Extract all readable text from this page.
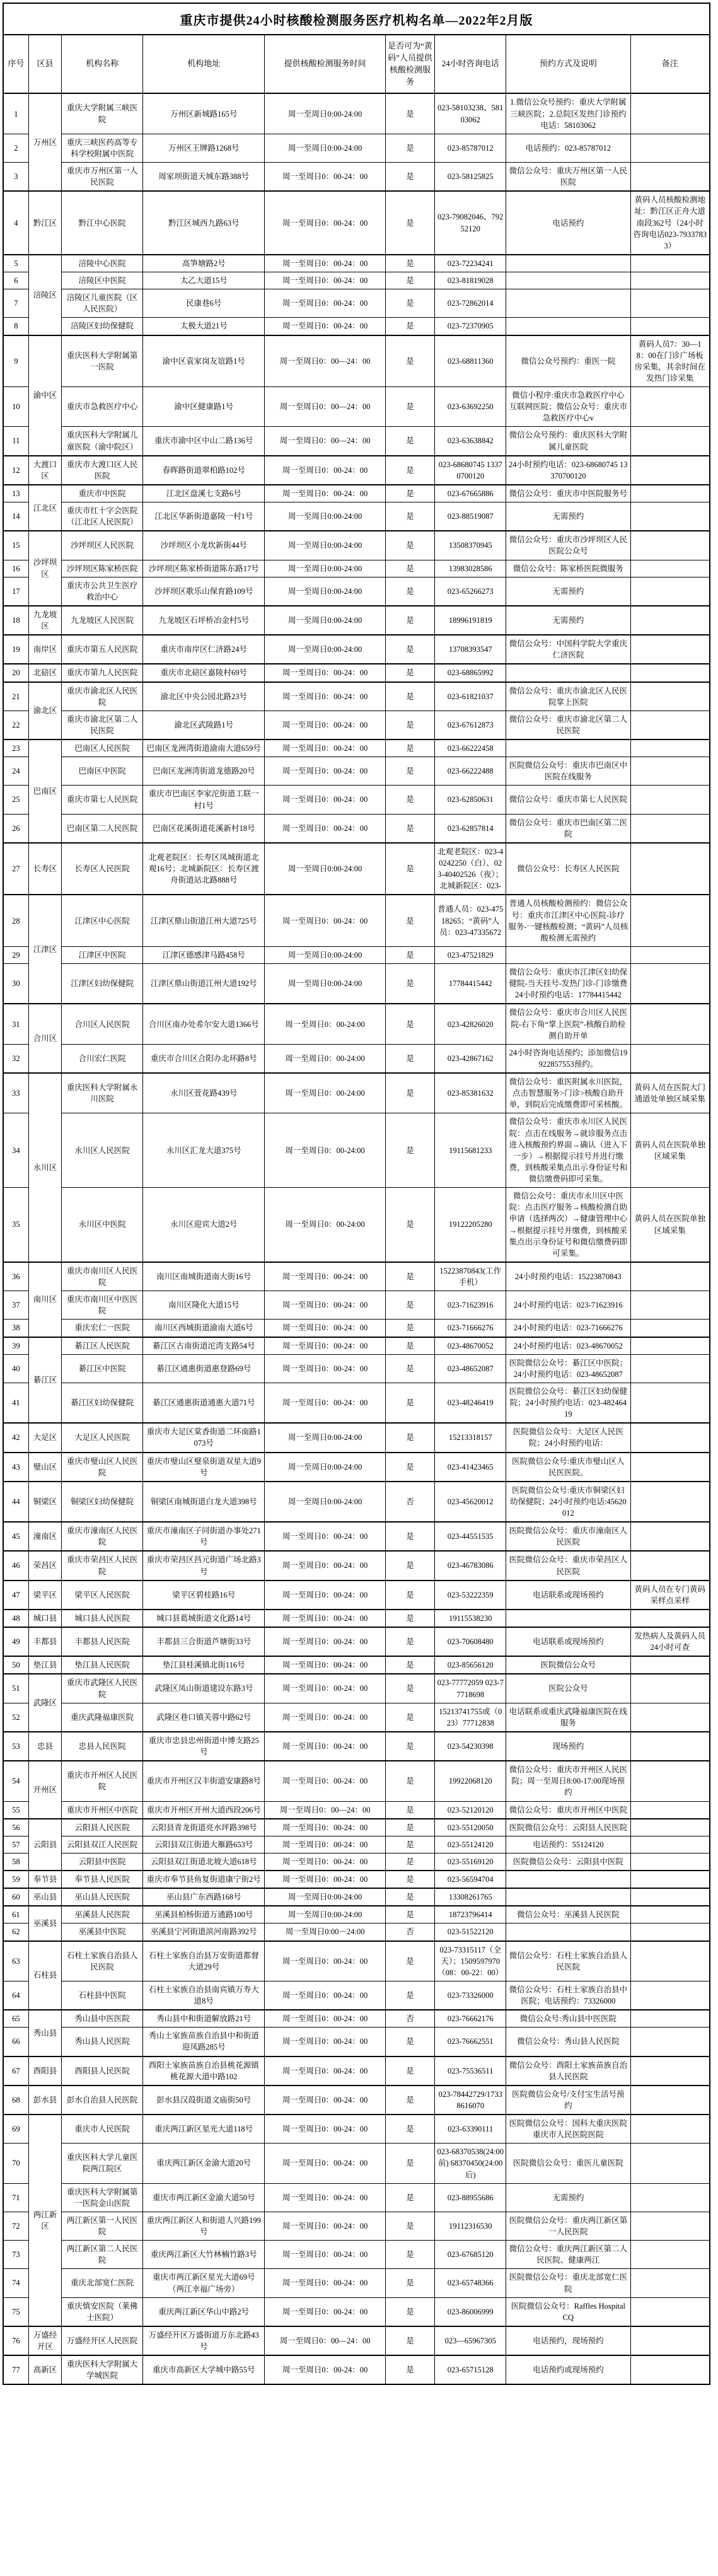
重庆市提供24小时核酸检测服务医疗机构名单—2022年2月版
序号	区县	机构名称	机构地址	提供核酸检测服务时间	是否可为“黄码”人员提供核酸检测服务	24小时咨询电话	预约方式及说明	备注
1	万州区	重庆大学附属三峡医院	万州区新城路165号	周一至周日0:00-24:00	是	023-58103238、58103062	1.微信公众号预约：重庆大学附属三峡医院；2.总院区发热门诊预约电话：58103062	
2		重庆三峡医药高等专科学校附属中医院	万州区王牌路1268号	周一至周日0:00-24:00	是	023-85787012	电话预约：023-85787012	
3		重庆市万州区第一人民医院	周家坝街道天城东路388号	周一至周日0：00-24：00	是	023-58125825	微信公众号：重庆万州区第一人民医院	
4	黔江区	黔江中心医院	黔江区城西九路63号	周一至周日0：00-24：00	是	023-79082046、79252120	电话预约	黄码人员核酸检测地址：黔江区正舟大道南段362号（24小时咨询电话023-79337833）
5	涪陵区	涪陵中心医院	高笋塘路2号	周一至周日0：00-24：00	是	023-72234241		
6		涪陵区中医院	太乙大道15号	周一至周日0：00-24：00	是	023-81819028		
7		涪陵区儿童医院（区人民医院）	民康巷6号	周一至周日0：00-24：00	是	023-72862014		
8		涪陵区妇幼保健院	太极大道21号	周一至周日0：00-24：00	是	023-72370905		
9	渝中区	重庆医科大学附属第一医院	渝中区袁家岗友谊路1号	周一至周日0：00—24：00	是	023-68811360	微信公众号预约：重医一院	黄码人员7：30—18：00在门诊广场板房采集，其余时间在发热门诊采集
10		重庆市急救医疗中心	渝中区健康路1号	周一至周日0：00—24：00	是	023-63692250	微信小程序:重庆市急救医疗中心互联网医院；微信公众号：重庆市急救医疗中心v	
11		重庆医科大学附属儿童医院（渝中院区）	重庆市渝中区中山二路136号	周一至周日0：00—24：00	是	023-63638842	微信公众号预约：重庆医科大学附属儿童医院	
12	大渡口区	重庆市大渡口区人民医院	春晖路街道翠柏路102号	周一至周日0：00-24：00	是	023-68680745 13370700120	24小时预约电话：023-68680745 13370700120	
13	江北区	重庆市中医院	江北区盘溪七支路6号	周一至周日0：00-24：00	是	023-67665886	微信公众号：重庆市中医院服务号	
14		重庆市红十字会医院（江北区人民医院）	江北区华新街道嘉陵一村1号	周一至周日0:00-24:00	是	023-88519087	无需预约	
15	沙坪坝区	沙坪坝区人民医院	沙坪坝区小龙坎新街44号	周一至周日0:00-24:00	是	13508370945	微信公众号：重庆市沙坪坝区人民医院公众号	
16		沙坪坝区陈家桥医院	沙坪坝区陈家桥街道陈东路17号	周一至周日0:00-24:00	是	13983028586	微信公众号：陈家桥医院微服务	
17		重庆市公共卫生医疗救治中心	沙坪坝区歌乐山保育路109号	周一至周日0:00-24:00	是	023-65266273	无需预约	
18	九龙坡区	九龙坡区人民医院	九龙坡区石坪桥冶金村5号	周一至周日0:00-24:00	是	18996191819	无需预约	
19	南岸区	重庆市第五人民医院	重庆市南岸区仁济路24号	周一至周日0:00-24:00	是	13708393547	微信公众号：中国科学院大学重庆仁济医院	
20	北碚区	重庆市第九人民医院	重庆市北碚区嘉陵村69号	周一至周日0：00-24：00	是	023-68865992		
21	渝北区	重庆市渝北区人民医院	渝北区中央公园北路23号	周一至周日0：00-24：00	是	023-61821037	微信公众号：重庆市渝北区人民医院掌上医院	
22		重庆市渝北区第二人民医院	渝北区武陵路1号	周一至周日0：00-24：00	是	023-67612873	微信公众号：重庆市渝北区第二人民医院	
23	巴南区	巴南区人民医院	巴南区龙洲湾街道渝南大道659号	周一至周日0：00-24：00	是	023-66222458		
24		巴南区中医院	巴南区龙洲湾街道龙德路20号	周一至周日0：00-24：00	是	023-66222488	医院微信公众号：重庆市巴南区中医院在线服务	
25		重庆市第七人民医院	重庆市巴南区李家沱街道工联一村1号	周一至周日0：00-24：00	是	023-62850631	微信公众号：重庆市第七人民医院	
26		巴南区第二人民医院	巴南区花溪街道花溪新村18号	周一至周日0：00-24：00	是	023-62857814	微信公众号：重庆市巴南区第二医院	
27	长寿区	长寿区人民医院	北观老院区：长寿区凤城街道北观16号；北城新院区：长寿区渡舟街道站北路888号	周一至周日0:00-24:00	是	北观老院区：023-40242250（白）、023-40402526（夜）；北城新院区：023-	微信公众号：长寿区人民医院	
28	江津区	江津区中心医院	江津区鼎山街道江州大道725号	周一至周日0：00-24：00	是	普通人员：023-47518265；“黄码”人员：023-47335672	普通人员核酸检测预约：微信公众号：重庆市江津区中心医院-诊疗服务-一键核酸检测；“黄码”人员核酸检测无需预约	
29		江津区中医院	江津区德感津马路458号	周一至周日0:00-24:00	是	023-47521829		
30		江津区妇幼保健院	江津区鼎山街道江州大道192号	周一至周日0:00-24:00	是	17784415442	微信公众号：重庆市江津区妇幼保健院-当天挂号-发热门诊-门诊缴费 24小时预约电话：17784415442	
31	合川区	合川区人民医院	合川区南办处希尔安大道1366号	周一至周日0：00-24:00	是	023-42826020	微信公众号：重庆市合川区人民医院-右下角“掌上医院”-核酸自助检测自助开单	
32		合川宏仁医院	重庆市合川区合阳办北环路8号	周一至周日0：00-24:00	是	023-42867162	24小时咨询电话预约；添加微信19922857553预约。	
33	永川区	重庆医科大学附属永川医院	永川区萱花路439号	周一至周日0：00-24:00	是	023-85381632	微信公众号：重医附属永川医院，点击智慧服务>门诊>核酸自助开单，到院后完成缴费即可采核酸。	黄码人员在医院大门通道处单独区域采集
34		永川区人民医院	永川区汇龙大道375号	周一至周日0：00-24:00	是	19115681233	微信公众号：重庆市永川区人民医院：点击在线服务→就诊服务点击进入核酸预约界面→确认（进入下一步）→根据提示挂号并进行缴费，到核酸采集点出示身份证号和微信缴费码即可采集。	黄码人员在医院单独区域采集
35		永川区中医院	永川区迎宾大道2号	周一至周日0：00-24:00	是	19122205280	微信公众号：重庆市永川区中医院：点击医疗服务→核酸检测自助申请（选择两次）→健康管理中心→根据提示挂号并缴费，到核酸采集点出示身份证号和微信缴费码即可采集。	黄码人员在医院单独区域采集
36	南川区	重庆市南川区人民医院	南川区南城街道南大街16号	周一至周日0：00-24：00	是	15223870843(工作手机）	24小时预约电话：15223870843	
37		重庆市南川区中医医院	南川区隆化大道15号	周一至周日0：00-24：00	是	023-71623916	24小时预约电话：023-71623916	
38		重庆宏仁一医院	南川区西城街道渝南大道6号	周一至周日0：00-24：00	是	023-71666276	24小时预约电话：023-71666276	
39	綦江区	綦江区人民医院	綦江区古南街道沱湾支路54号	周一至周日0：00-24：00	是	023-48670052	24小时预约电话：023-48670052	
40		綦江区中医院	綦江区通惠街道惠登路69号	周一至周日0：00-24：00	是	023-48652087	医院微信公众号：綦江区中医院；24小时预约电话：023-48652087	
41		綦江区妇幼保健院	綦江区通惠街道通惠大道71号	周一至周日0：00-24：00	是	023-48246419	医院微信公众号：綦江区妇幼保健院；24小时预约电话：023-48246419	
42	大足区	大足区人民医院	重庆市大足区棠香街道二环南路1073号	周一至周日0:00-24:00	是	15213318157	医院微信公众号：大足区人民医院；24小时预约电话：	
43	璧山区	重庆市璧山区人民医院	重庆市璧山区璧泉街道双星大道9号	周一至周日0:00-24:00	是	023-41423465	医院微信公众号:重庆市璧山区人民医医院。	
44	铜梁区	铜梁区妇幼保健院	铜梁区南城街道白龙大道398号	周一至周日0:00-24:00	否	023-45620012	医院微信公众号:重庆市铜梁区妇幼保健院；24小时预约电话:45620012	
45	潼南区	重庆市潼南区人民医院	重庆市潼南区子同街道办事处271号	周一至周日0：00-24：00	是	023-44551535	医院微信公众号：重庆市潼南区人民医院	
46	荣昌区	重庆市荣昌区人民医院	重庆市荣昌区昌元街道广场北路3号	周一至周日0：00-24：00	是	023-46783086	医院微信公众号：重庆市荣昌区人民医院	
47	梁平区	梁平区人民医院	梁平区碧桂路16号	周一至周日0：00-24：00	是	023-53222359	电话联系或现场预约	黄码人员在专门黄码采样点采样
48	城口县	城口县人民医院	城口县葛城街道文化路14号	周一至周日0：00-24：00	是	19115538230		
49	丰都县	丰都县人民医院	丰都县三合街道芦塘街33号	周一至周日0：00-24：00	是	023-70608480	电话联系或现场预约	发热病人及黄码人员24小时可查
50	垫江县	垫江县人民医院	垫江县桂溪镇北街116号	周一至周日0：00-24：00	是	023-85656120	医院微信公众号	
51	武隆区	重庆市武隆区人民医院	武隆区凤山街道建设东路3号	周一至周日0：00-24：00	是	023-77772059 023-77718698	医院公众号	
52		重庆武隆福康医院	武隆区巷口镇芙蓉中路62号	周一至周日0：00-24：00	是	15213741755或（023）77712838	电话联系或重庆武隆福康医院在线服务	
53	忠县	忠县人民医院	重庆市忠县忠州街道中博支路25号	周一至周日0：00-24：00	是	023-54230398	现场预约	
54	开州区	重庆市开州区人民医院	重庆市开州区汉丰街道安康路8号	周一至周日0：00-24：00	是	19922068120	微信公众号：重庆市开州区人民医院；周一至周日8:00-17:00现场预约	
55		重庆市开州区中医院	重庆市开州区开州大道西段206号	周一至周日0：00—24：00	是	023-52120120	微信公众号：重庆市开州区中医院	
56	云阳县	云阳县人民医院	云阳县青龙街道亮水坪路398号	周一至周日0：00-24：00	是	023-55120050	医院微信公众号：云阳县人民医院	
57		云阳县双江人民医院	云阳县双江街道大雁路653号	周一至周日0：00-24：00	是	023-55124120	电话预约：55124120	
58		云阳县中医院	云阳县双江街道北坡大道618号	周一至周日0：00-24：00	是	023-55169120	医院微信公众号：云阳县中医院	
59	奉节县	奉节县人民医院	重庆市奉节县鱼复街道康宁街2号	周一至周日0：00-24：00	是	023-56594704		
60	巫山县	巫山县人民医院	巫山县广东西路168号	周一至周日0:00-24:00	是	13308261765		
61	巫溪县	巫溪县人民医院	巫溪县柏杨街道万通路100号	周一至周日0:00-24:00	是	18723796414	微信公众号：巫溪县人民医院	
62		巫溪县中医院	巫溪县宁河街道滨河南路392号	周一至周日0:00－24:00	否	023-51522120		
63	石柱县	石柱土家族自治县人民医院	石柱土家族自治县万安街道都督大道29号	周一至周日0：00-24：00	是	023-73315117（全天）；1509597970（08：00-22：00）	微信公众号：石柱土家族自治县人民医院	
64		石柱县中医院	石柱土家族自治县南宾镇万寿大道8号	周一至周日0：00-24：00	是	023-73326000	微信公众号：石柱土家族自治县中医院；电话预约：73326000	
65	秀山县	秀山县中医医院	秀山县中和街道解放路21号	周一至周日0：00-24：00	否	023-76662176	微信公众号:秀山县中医医院	
66		秀山县人民医院	秀山土家族苗族自治县中和街道迎凤路285号	周一至周日0：00-24：00	是	023-76662551	微信公众号：秀山县人民医院	
67	酉阳县	酉阳县人民医院	酉阳土家族苗族自治县桃花源镇桃花源大道中路102	周一至周日0：00-24：00	是	023-75536511	微信公众号：酉阳土家族苗族自治县人民医院	
68	彭水县	彭水自治县人民医院	彭水县汉葭街道文庙街50号	周一至周日0：00-24：00	是	023-78442729/17338616070	医院微信公众号/支付宝生活号预约	
69	两江新区	重庆市人民医院	重庆两江新区星光大道118号	周一至周日0：00-24：00	是	023-63390111	医院微信公众号：国科大重庆医院 重庆市人民医院医院	
70		重庆医科大学儿童医院两江院区	重庆两江新区金渝大道20号	周一至周日0：00-24：00	是	023-68370538(24:00前) 68370450(24:00后)	医院微信公众号：重医儿童医院	
71		重庆医科大学附属第一医院金山医院	重庆市两江新区金渝大道50号	周一至周日0：00-24：00	是	023-88955686	无需预约	
72		两江新区第一人民医院	重庆两江新区人和街道人兴路199号	周一至周日0：00-24：00	是	19112316530	医院微信公众号：重庆两江新区第一人民医院	
73		两江新区第二人民医院	重庆两江新区大竹林楠竹路3号	周一至周日0：00-24：00	是	023-67685120	微信公众号：重庆两江新区第二人民医院、健康两江	
74		重庆北部宽仁医院	重庆市两江新区星光大道69号（两江幸福广场旁）	周一至周日0：00-24：00	是	023-65748366	医院微信公众号：重庆北部宽仁医院	
75		重庆慎安医院（莱佛士医院）	重庆两江新区华山中路2号	周一至周日0：00-24：00	是	023-86006999	医院微信公众号：Raffles Hospital CQ	
76	万盛经开区	万盛经开区人民医院	万盛经开区万盛街道万东北路43号	周一至周日0：00—24：00	是	023—65967305	电话预约，现场预约	
77	高新区	重庆医科大学附属大学城医院	重庆市高新区大学城中路55号	周一至周日0：00-24：00	是	023-65715128	电话预约或现场预约	
